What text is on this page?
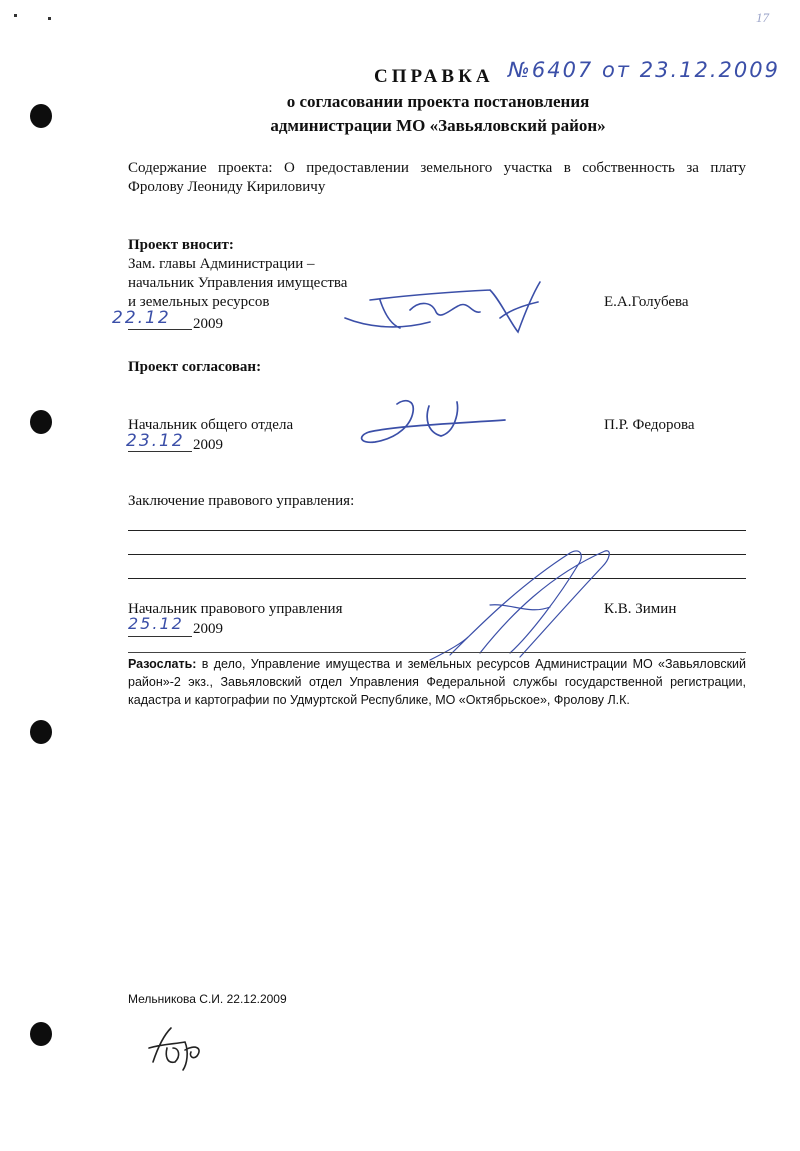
17
СПРАВКА №6407 от 23.12.2009
о согласовании проекта постановления
администрации МО «Завьяловский район»
Содержание проекта: О предоставлении земельного участка в собственность за плату
Фролову Леониду Кириловичу
Проект вносит:
Зам. главы Администрации –
начальник Управления имущества
и земельных ресурсов
22.12 2009
Е.А.Голубева
Проект согласован:
Начальник общего отдела
23.12 2009
П.Р. Федорова
Заключение правового управления:
Начальник правового управления
25.12 2009
К.В. Зимин
Разослать: в дело, Управление имущества и земельных ресурсов Администрации МО «Завьяловский
район»-2 экз., Завьяловский отдел Управления Федеральной службы государственной регистрации,
кадастра и картографии по Удмуртской Республике, МО «Октябрьское», Фролову Л.К.
Мельникова С.И. 22.12.2009
